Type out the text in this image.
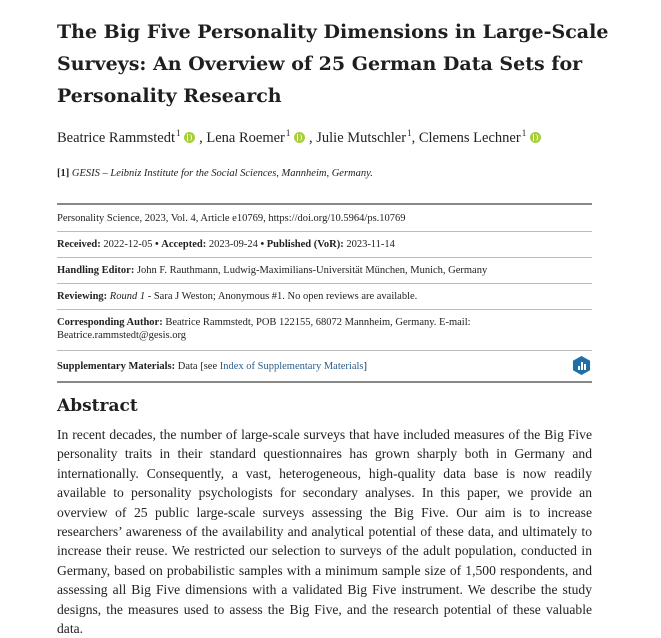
The Big Five Personality Dimensions in Large-Scale
Surveys: An Overview of 25 German Data Sets for
Personality Research
Beatrice Rammstedt$^1$ , Lena Roemer$^1$ , Julie Mutschler$^1$, Clemens Lechner$^1$
[1] GESIS – Leibniz Institute for the Social Sciences, Mannheim, Germany.
Personality Science, 2023, Vol. 4, Article e10769, https://doi.org/10.5964/ps.10769
Received: 2022-12-05 • Accepted: 2023-09-24 • Published (VoR): 2023-11-14
Handling Editor: John F. Rauthmann, Ludwig-Maximilians-Universität München, Munich, Germany
Reviewing: Round 1 - Sara J Weston; Anonymous #1. No open reviews are available.
Corresponding Author: Beatrice Rammstedt, POB 122155, 68072 Mannheim, Germany. E-mail: Beatrice.rammstedt@gesis.org
Supplementary Materials: Data [see Index of Supplementary Materials]
Abstract
In recent decades, the number of large-scale surveys that have included measures of the Big Five personality traits in their standard questionnaires has grown sharply both in Germany and internationally. Consequently, a vast, heterogeneous, high-quality data base is now readily available to personality psychologists for secondary analyses. In this paper, we provide an overview of 25 public large-scale surveys assessing the Big Five. Our aim is to increase researchers’ awareness of the availability and analytical potential of these data, and ultimately to increase their reuse. We restricted our selection to surveys of the adult population, conducted in Germany, based on probabilistic samples with a minimum sample size of 1,500 respondents, and assessing all Big Five dimensions with a validated Big Five instrument. We describe the study designs, the measures used to assess the Big Five, and the research potential of these valuable data.
